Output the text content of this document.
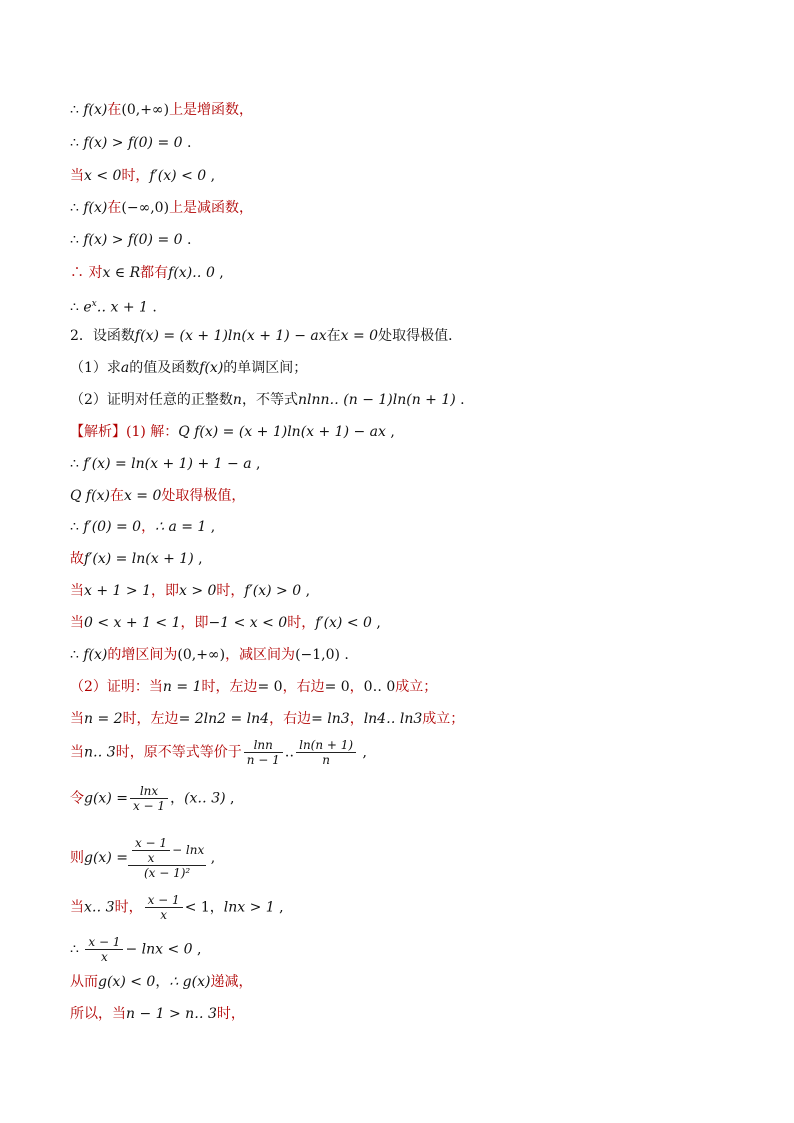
∴ f(x)在(0,+∞)上是增函数，
∴ f(x) > f(0) = 0 .
当x < 0时，f′(x) < 0 ,
∴ f(x)在(−∞,0)上是减函数，
∴ f(x) > f(0) = 0 .
∴ 对x ∈ R都有f(x)‥ 0 ,
∴ $e^x‥$ x + 1 .
2．设函数f(x) = (x + 1)ln(x + 1) − ax在x = 0处取得极值．
（1）求a的值及函数f(x)的单调区间；
（2）证明对任意的正整数n，不等式nlnn‥ (n − 1)ln(n + 1) .
【解析】(1) 解：Q f(x) = (x + 1)ln(x + 1) − ax ,
∴ f′(x) = ln(x + 1) + 1 − a ,
Q f(x)在x = 0处取得极值，
∴ f′(0) = 0，∴ a = 1 ,
故f′(x) = ln(x + 1) ,
当x + 1 > 1，即x > 0时，f′(x) > 0 ,
当0 < x + 1 < 1，即−1 < x < 0时，f′(x) < 0 ,
∴ f(x)的增区间为(0,+∞)，减区间为(−1,0) .
（2）证明：当n = 1时，左边= 0，右边= 0，0‥ 0成立；
当n = 2时，左边= 2ln2 = ln4，右边= ln3，ln4‥ ln3成立；
当n‥ 3时，原不等式等价于 $\frac{\ln n}{n - 1}$ ‥ $\frac{\ln(n + 1)}{n}$ ,
令$g(x) = \frac{\ln x}{x - 1}$ ，(x‥ 3) ,
则$g(x) = \frac{\frac{x - 1}{x} - \ln x}{\text{(x − 1)²}}$ ,
当x‥ 3时， $\frac{x - 1}{x} < 1$，lnx > 1 ,
∴ $\frac{x - 1}{x} - \ln x < 0$ ,
从而g(x) < 0，∴ g(x)递减，
所以，当n − 1 > n‥ 3时，
